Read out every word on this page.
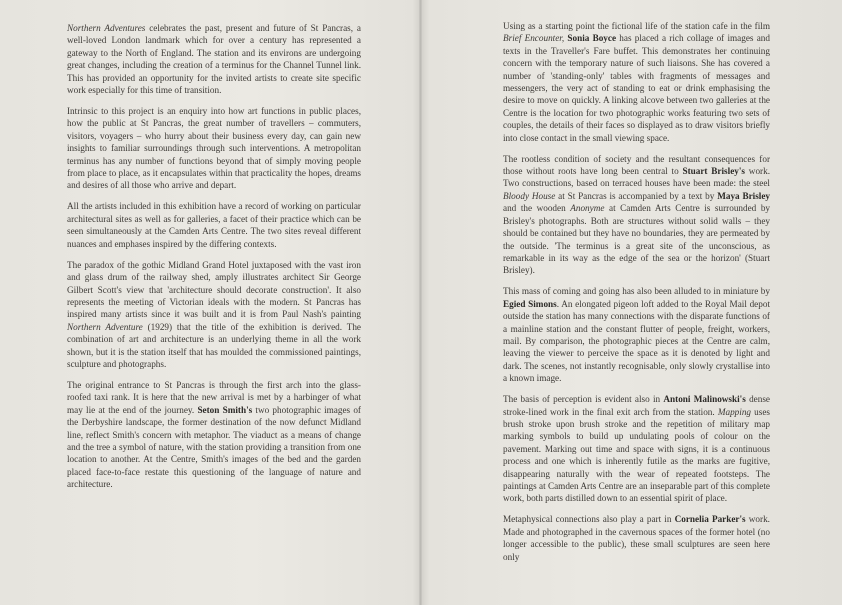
Northern Adventures celebrates the past, present and future of St Pancras, a well-loved London landmark which for over a century has represented a gateway to the North of England. The station and its environs are undergoing great changes, including the creation of a terminus for the Channel Tunnel link. This has provided an opportunity for the invited artists to create site specific work especially for this time of transition.

Intrinsic to this project is an enquiry into how art functions in public places, how the public at St Pancras, the great number of travellers – commuters, visitors, voyagers – who hurry about their business every day, can gain new insights to familiar surroundings through such interventions. A metropolitan terminus has any number of functions beyond that of simply moving people from place to place, as it encapsulates within that practicality the hopes, dreams and desires of all those who arrive and depart.

All the artists included in this exhibition have a record of working on particular architectural sites as well as for galleries, a facet of their practice which can be seen simultaneously at the Camden Arts Centre. The two sites reveal different nuances and emphases inspired by the differing contexts.

The paradox of the gothic Midland Grand Hotel juxtaposed with the vast iron and glass drum of the railway shed, amply illustrates architect Sir George Gilbert Scott's view that 'architecture should decorate construction'. It also represents the meeting of Victorian ideals with the modern. St Pancras has inspired many artists since it was built and it is from Paul Nash's painting Northern Adventure (1929) that the title of the exhibition is derived. The combination of art and architecture is an underlying theme in all the work shown, but it is the station itself that has moulded the commissioned paintings, sculpture and photographs.

The original entrance to St Pancras is through the first arch into the glass-roofed taxi rank. It is here that the new arrival is met by a harbinger of what may lie at the end of the journey. Seton Smith's two photographic images of the Derbyshire landscape, the former destination of the now defunct Midland line, reflect Smith's concern with metaphor. The viaduct as a means of change and the tree a symbol of nature, with the station providing a transition from one location to another. At the Centre, Smith's images of the bed and the garden placed face-to-face restate this questioning of the language of nature and architecture.

Using as a starting point the fictional life of the station cafe in the film Brief Encounter, Sonia Boyce has placed a rich collage of images and texts in the Traveller's Fare buffet. This demonstrates her continuing concern with the temporary nature of such liaisons. She has covered a number of 'standing-only' tables with fragments of messages and messengers, the very act of standing to eat or drink emphasising the desire to move on quickly. A linking alcove between two galleries at the Centre is the location for two photographic works featuring two sets of couples, the details of their faces so displayed as to draw visitors briefly into close contact in the small viewing space.

The rootless condition of society and the resultant consequences for those without roots have long been central to Stuart Brisley's work. Two constructions, based on terraced houses have been made: the steel Bloody House at St Pancras is accompanied by a text by Maya Brisley and the wooden Anonyme at Camden Arts Centre is surrounded by Brisley's photographs. Both are structures without solid walls – they should be contained but they have no boundaries, they are permeated by the outside. 'The terminus is a great site of the unconscious, as remarkable in its way as the edge of the sea or the horizon' (Stuart Brisley).

This mass of coming and going has also been alluded to in miniature by Egied Simons. An elongated pigeon loft added to the Royal Mail depot outside the station has many connections with the disparate functions of a mainline station and the constant flutter of people, freight, workers, mail. By comparison, the photographic pieces at the Centre are calm, leaving the viewer to perceive the space as it is denoted by light and dark. The scenes, not instantly recognisable, only slowly crystallise into a known image.

The basis of perception is evident also in Antoni Malinowski's dense stroke-lined work in the final exit arch from the station. Mapping uses brush stroke upon brush stroke and the repetition of military map marking symbols to build up undulating pools of colour on the pavement. Marking out time and space with signs, it is a continuous process and one which is inherently futile as the marks are fugitive, disappearing naturally with the wear of repeated footsteps. The paintings at Camden Arts Centre are an inseparable part of this complete work, both parts distilled down to an essential spirit of place.

Metaphysical connections also play a part in Cornelia Parker's work. Made and photographed in the cavernous spaces of the former hotel (no longer accessible to the public), these small sculptures are seen here only
